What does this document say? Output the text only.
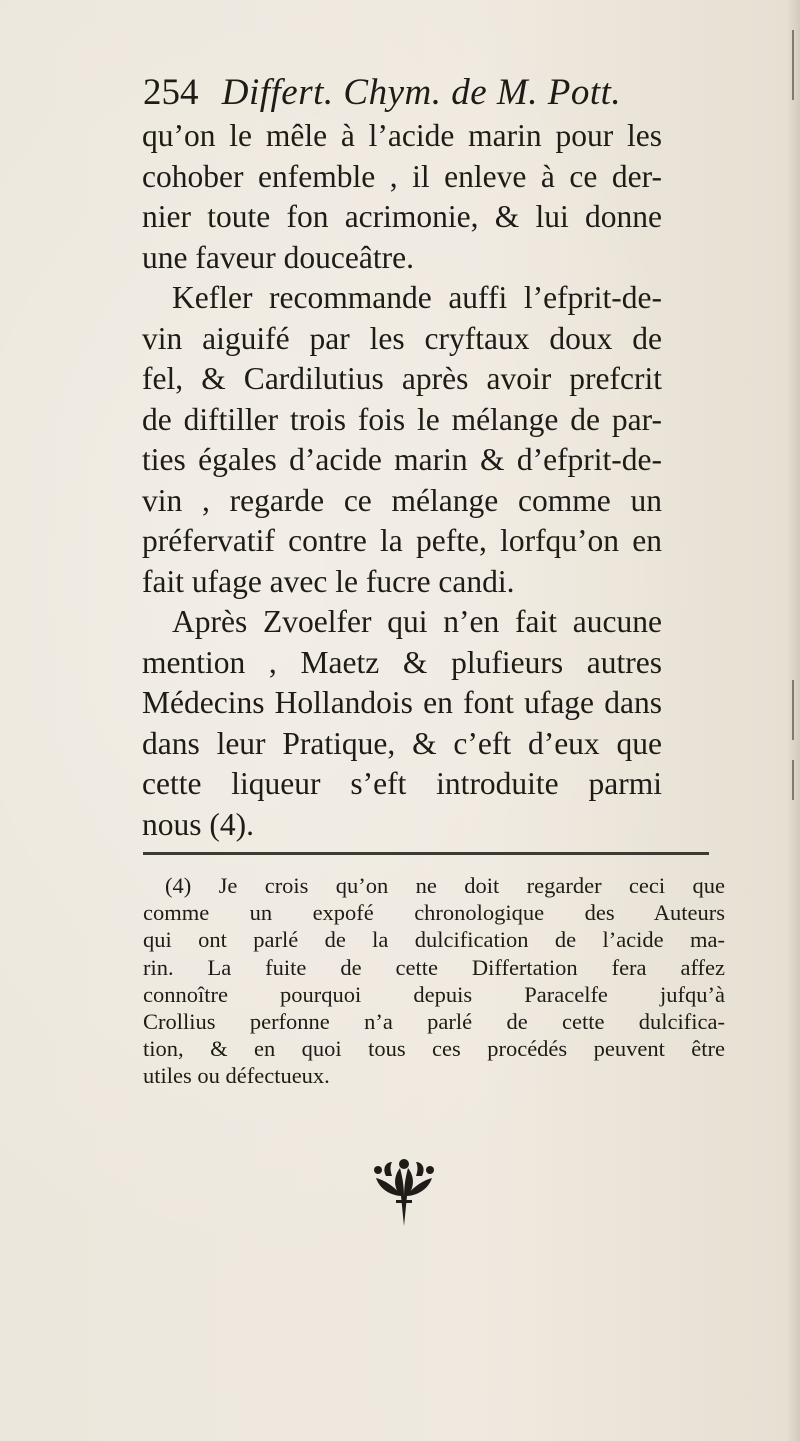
254 Differt. Chym. de M. Pott.
qu’on le mêle à l’acide marin pour les
cohober enfemble , il enleve à ce der-
nier toute fon acrimonie, & lui donne
une faveur douceâtre.
Kefler recommande auffi l’efprit-de-
vin aiguifé par les cryftaux doux de
fel, & Cardilutius après avoir prefcrit
de diftiller trois fois le mélange de par-
ties égales d’acide marin & d’efprit-de-
vin , regarde ce mélange comme un
préfervatif contre la pefte, lorfqu’on en
fait ufage avec le fucre candi.
Après Zvoelfer qui n’en fait aucune
mention , Maetz & plufieurs autres
Médecins Hollandois en font ufage dans
dans leur Pratique, & c’eft d’eux que
cette liqueur s’eft introduite parmi
nous (4).
(4) Je crois qu’on ne doit regarder ceci que
comme un expofé chronologique des Auteurs
qui ont parlé de la dulcification de l’acide ma-
rin. La fuite de cette Differtation fera affez
connoître pourquoi depuis Paracelfe jufqu’à
Crollius perfonne n’a parlé de cette dulcifica-
tion, & en quoi tous ces procédés peuvent être
utiles ou défectueux.
